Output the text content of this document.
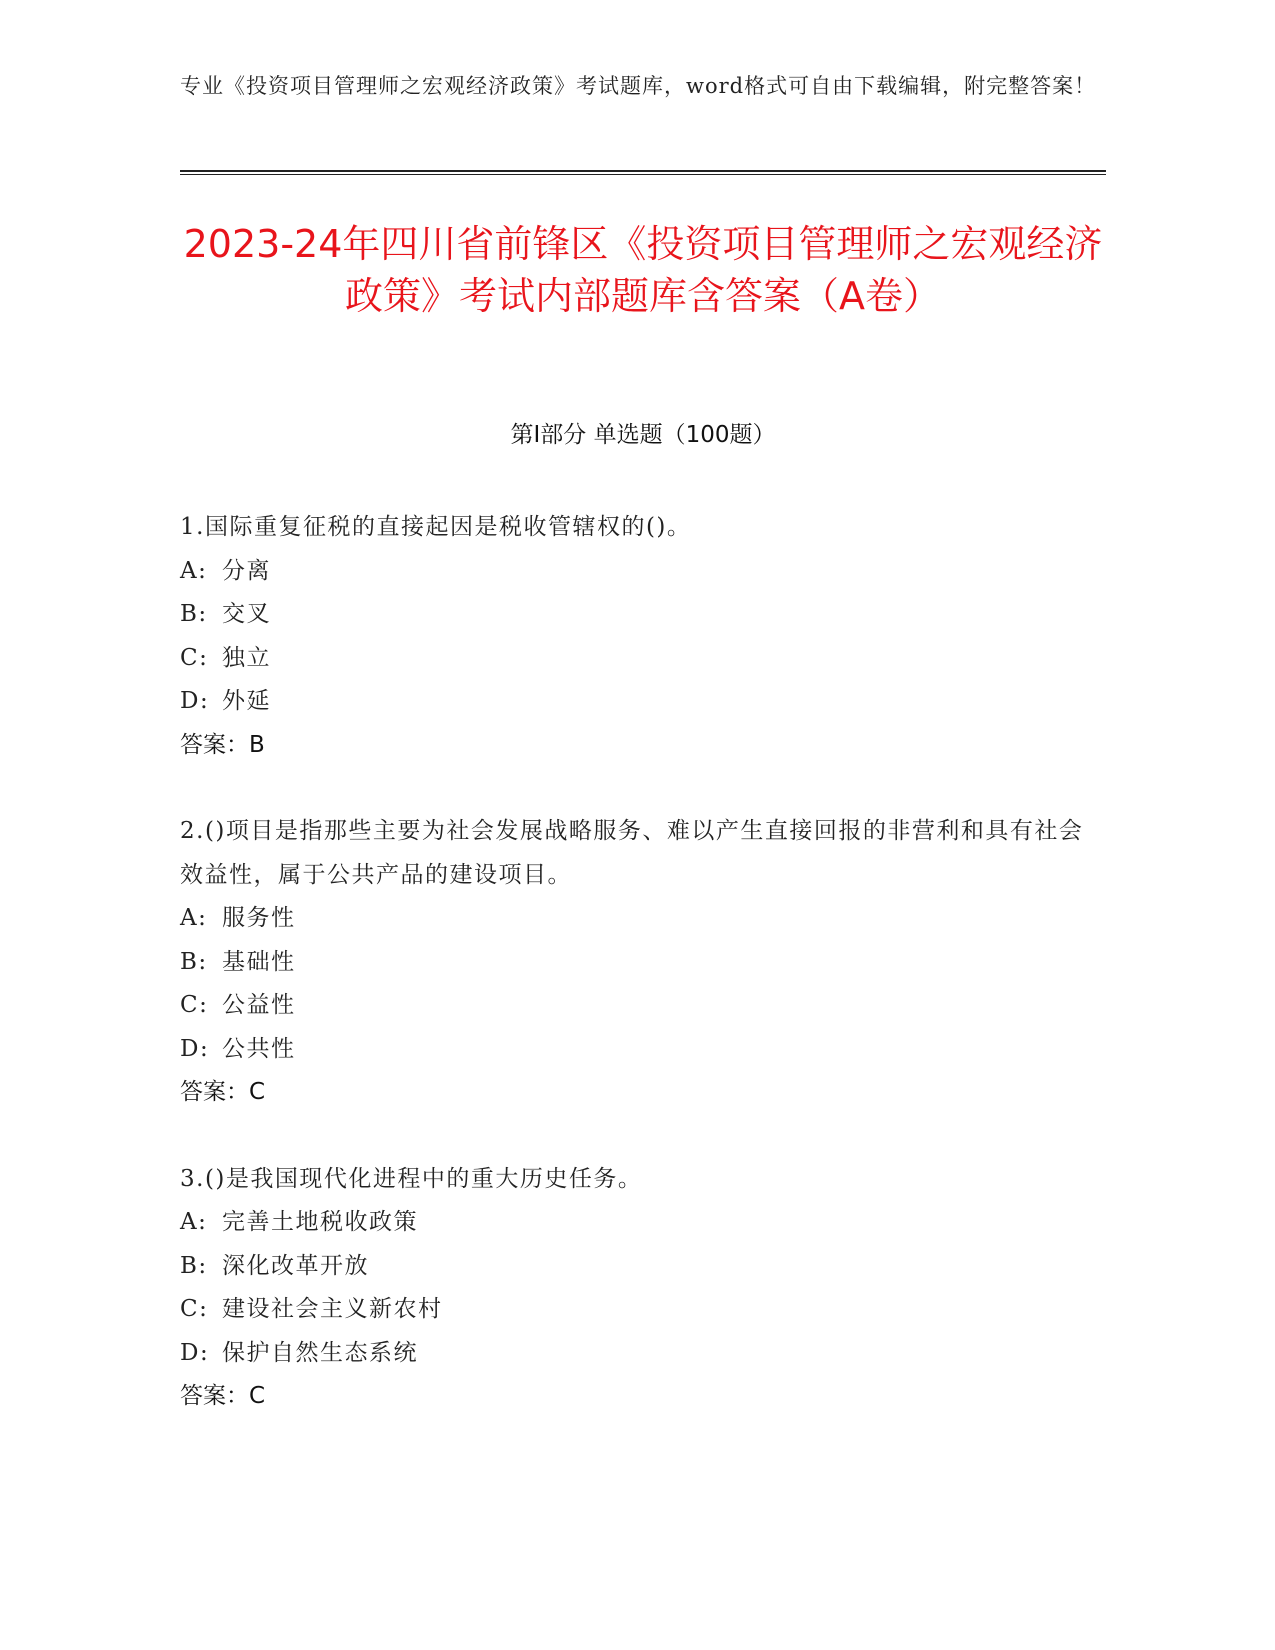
专业《投资项目管理师之宏观经济政策》考试题库，word格式可自由下载编辑，附完整答案！
2023-24年四川省前锋区《投资项目管理师之宏观经济政策》考试内部题库含答案（A卷）
第Ⅰ部分 单选题（100题）
1.国际重复征税的直接起因是税收管辖权的()。
A: 分离
B: 交叉
C: 独立
D: 外延
答案：B
2.()项目是指那些主要为社会发展战略服务、难以产生直接回报的非营利和具有社会效益性，属于公共产品的建设项目。
A: 服务性
B: 基础性
C: 公益性
D: 公共性
答案：C
3.()是我国现代化进程中的重大历史任务。
A: 完善土地税收政策
B: 深化改革开放
C: 建设社会主义新农村
D: 保护自然生态系统
答案：C
